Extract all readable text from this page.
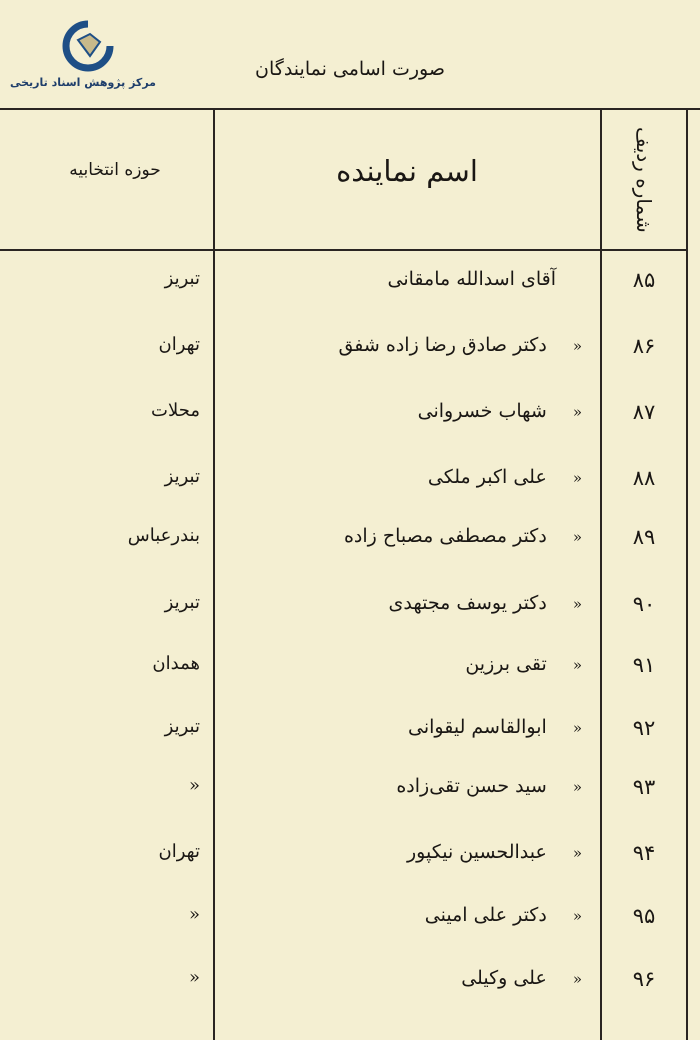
مرکز پژوهش اسناد تاریخی
صورت اسامی نمایندگان
حوزه انتخابیه	اسم نماینده	شماره ردیف
۸۵
آقای اسدالله مامقانی
تبریز
۸۶
«دکتر صادق رضا زاده شفق
تهران
۸۷
«شهاب خسروانی
محلات
۸۸
«علی اکبر ملکی
تبریز
۸۹
«دکتر مصطفی مصباح زاده
بندرعباس
۹۰
«دکتر یوسف مجتهدی
تبریز
۹۱
«تقی برزین
همدان
۹۲
«ابوالقاسم لیقوانی
تبریز
۹۳
«سید حسن تقی‌زاده
«
۹۴
«عبدالحسین نیکپور
تهران
۹۵
«دکتر علی امینی
«
۹۶
«علی وکیلی
«
